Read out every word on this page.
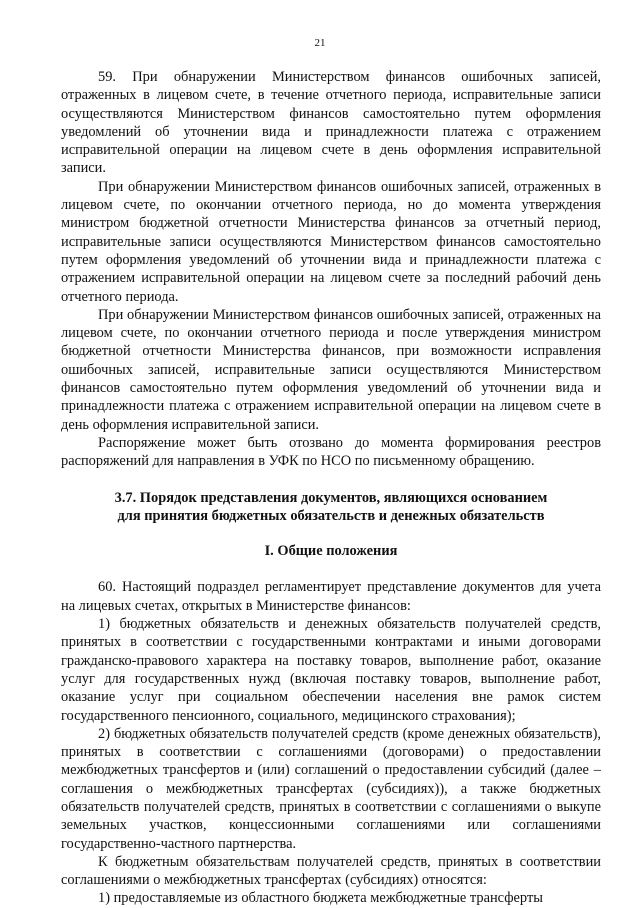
21

59. При обнаружении Министерством финансов ошибочных записей, отраженных в лицевом счете, в течение отчетного периода, исправительные записи осуществляются Министерством финансов самостоятельно путем оформления уведомлений об уточнении вида и принадлежности платежа с отражением исправительной операции на лицевом счете в день оформления исправительной записи.

При обнаружении Министерством финансов ошибочных записей, отраженных в лицевом счете, по окончании отчетного периода, но до момента утверждения министром бюджетной отчетности Министерства финансов за отчетный период, исправительные записи осуществляются Министерством финансов самостоятельно путем оформления уведомлений об уточнении вида и принадлежности платежа с отражением исправительной операции на лицевом счете за последний рабочий день отчетного периода.

При обнаружении Министерством финансов ошибочных записей, отраженных на лицевом счете, по окончании отчетного периода и после утверждения министром бюджетной отчетности Министерства финансов, при возможности исправления ошибочных записей, исправительные записи осуществляются Министерством финансов самостоятельно путем оформления уведомлений об уточнении вида и принадлежности платежа с отражением исправительной операции на лицевом счете в день оформления исправительной записи.

Распоряжение может быть отозвано до момента формирования реестров распоряжений для направления в УФК по НСО по письменному обращению.

3.7. Порядок представления документов, являющихся основанием
для принятия бюджетных обязательств и денежных обязательств
I. Общие положения

60. Настоящий подраздел регламентирует представление документов для учета на лицевых счетах, открытых в Министерстве финансов:

1) бюджетных обязательств и денежных обязательств получателей средств, принятых в соответствии с государственными контрактами и иными договорами гражданско-правового характера на поставку товаров, выполнение работ, оказание услуг для государственных нужд (включая поставку товаров, выполнение работ, оказание услуг при социальном обеспечении населения вне рамок систем государственного пенсионного, социального, медицинского страхования);

2) бюджетных обязательств получателей средств (кроме денежных обязательств), принятых в соответствии с соглашениями (договорами) о предоставлении межбюджетных трансфертов и (или) соглашений о предоставлении субсидий (далее – соглашения о межбюджетных трансфертах (субсидиях)), а также бюджетных обязательств получателей средств, принятых в соответствии с соглашениями о выкупе земельных участков, концессионными соглашениями или соглашениями государственно-частного партнерства.

К бюджетным обязательствам получателей средств, принятых в соответствии соглашениями о межбюджетных трансфертах (субсидиях) относятся:

1) предоставляемые из областного бюджета межбюджетные трансферты
